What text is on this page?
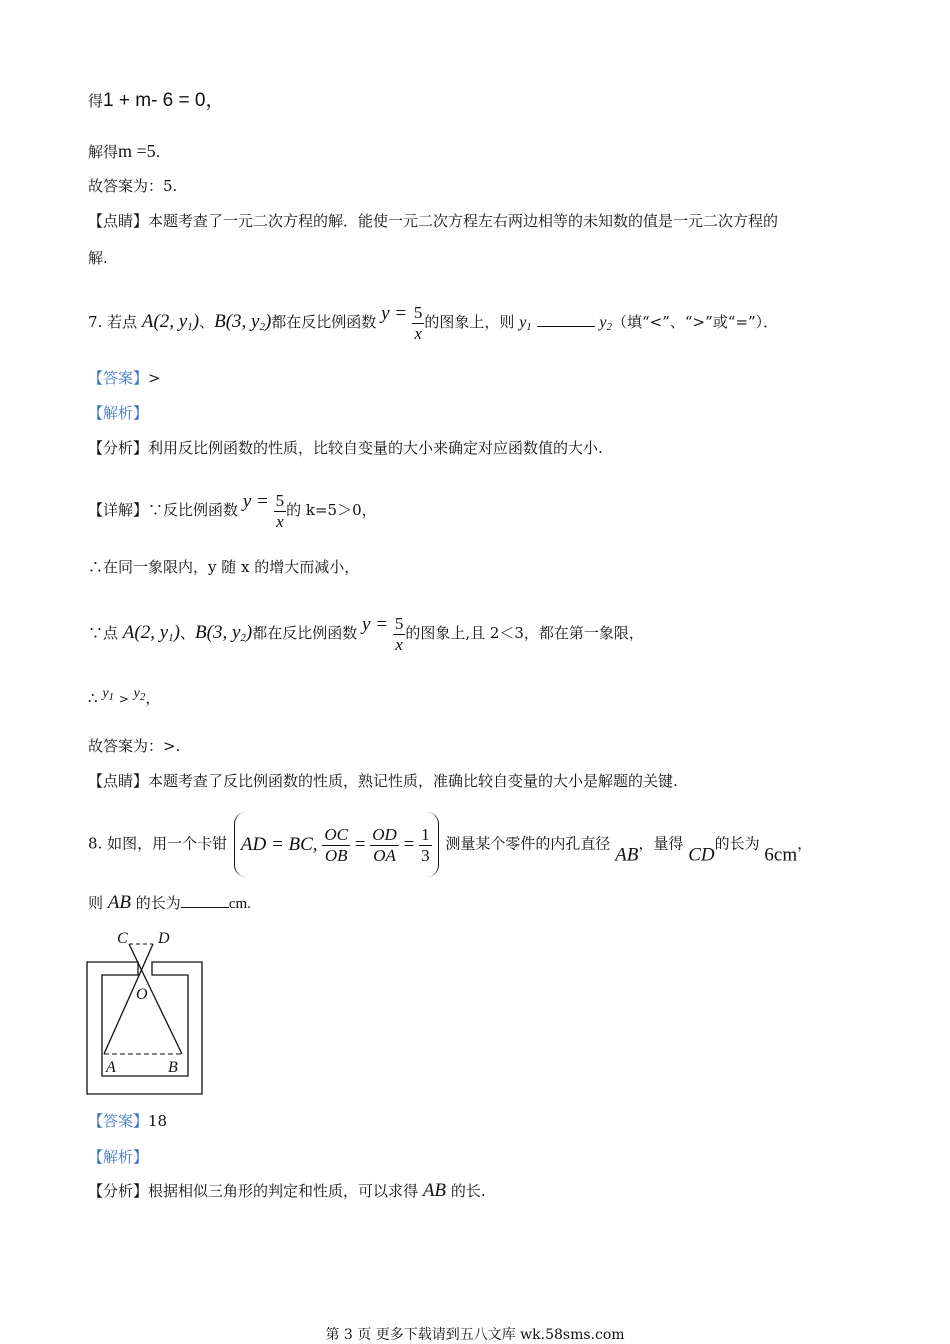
得1 + m- 6 = 0，
解得m =5.
故答案为：5.
【点睛】本题考查了一元二次方程的解．能使一元二次方程左右两边相等的未知数的值是一元二次方程的
解.
7. 若点 A(2, $y_1$)、B(3, $y_2$)都在反比例函数 $y = \frac{5}{x}$ 的图象上，则 $y_1$	$y_2$（填“<”、“>”或“=”）．
【答案】>
【解析】
【分析】利用反比例函数的性质，比较自变量的大小来确定对应函数值的大小.
【详解】∵反比例函数 $y = \frac{5}{x}$ 的 k=5＞0，
∴在同一象限内，y 随 x 的增大而减小，
∵点 A(2, $y_1$)、B(3, $y_2$)都在反比例函数 $y = \frac{5}{x}$ 的图象上,且 2＜3，都在第一象限，
∴ $y_1 > y_2$，
故答案为：>.
【点睛】本题考查了反比例函数的性质，熟记性质，准确比较自变量的大小是解题的关键.
8. 如图，用一个卡钳 AD = BC, $\frac{OC}{OB} = \frac{OD}{OA} = \frac{1}{3}$ 测量某个零件的内孔直径 AB，量得 CD的长为 6cm，
则 AB 的长为	cm.
C D
O
A	B
【答案】18
【解析】
【分析】根据相似三角形的判定和性质，可以求得 AB 的长.
第 3 页 更多下载请到五八文库 wk.58sms.com
